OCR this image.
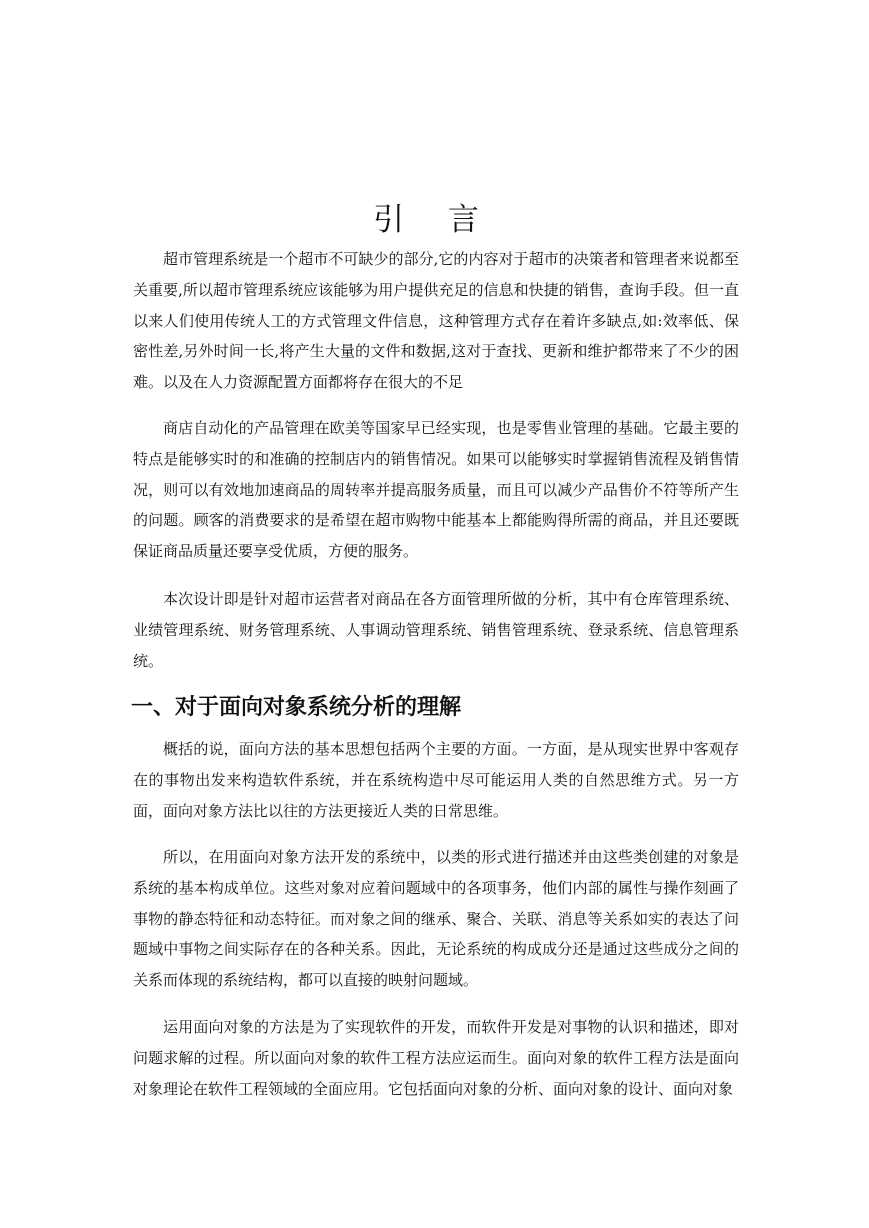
引 言

超市管理系统是一个超市不可缺少的部分,它的内容对于超市的决策者和管理者来说都至关重要,所以超市管理系统应该能够为用户提供充足的信息和快捷的销售，查询手段。但一直以来人们使用传统人工的方式管理文件信息，这种管理方式存在着许多缺点,如:效率低、保密性差,另外时间一长,将产生大量的文件和数据,这对于查找、更新和维护都带来了不少的困难。以及在人力资源配置方面都将存在很大的不足

商店自动化的产品管理在欧美等国家早已经实现，也是零售业管理的基础。它最主要的特点是能够实时的和准确的控制店内的销售情况。如果可以能够实时掌握销售流程及销售情况，则可以有效地加速商品的周转率并提高服务质量，而且可以减少产品售价不符等所产生的问题。顾客的消费要求的是希望在超市购物中能基本上都能购得所需的商品，并且还要既保证商品质量还要享受优质，方便的服务。

本次设计即是针对超市运营者对商品在各方面管理所做的分析，其中有仓库管理系统、业绩管理系统、财务管理系统、人事调动管理系统、销售管理系统、登录系统、信息管理系统。

一、对于面向对象系统分析的理解

概括的说，面向方法的基本思想包括两个主要的方面。一方面，是从现实世界中客观存在的事物出发来构造软件系统，并在系统构造中尽可能运用人类的自然思维方式。另一方面，面向对象方法比以往的方法更接近人类的日常思维。

所以，在用面向对象方法开发的系统中，以类的形式进行描述并由这些类创建的对象是系统的基本构成单位。这些对象对应着问题域中的各项事务，他们内部的属性与操作刻画了事物的静态特征和动态特征。而对象之间的继承、聚合、关联、消息等关系如实的表达了问题域中事物之间实际存在的各种关系。因此，无论系统的构成成分还是通过这些成分之间的关系而体现的系统结构，都可以直接的映射问题域。

运用面向对象的方法是为了实现软件的开发，而软件开发是对事物的认识和描述，即对问题求解的过程。所以面向对象的软件工程方法应运而生。面向对象的软件工程方法是面向对象理论在软件工程领域的全面应用。它包括面向对象的分析、面向对象的设计、面向对象
